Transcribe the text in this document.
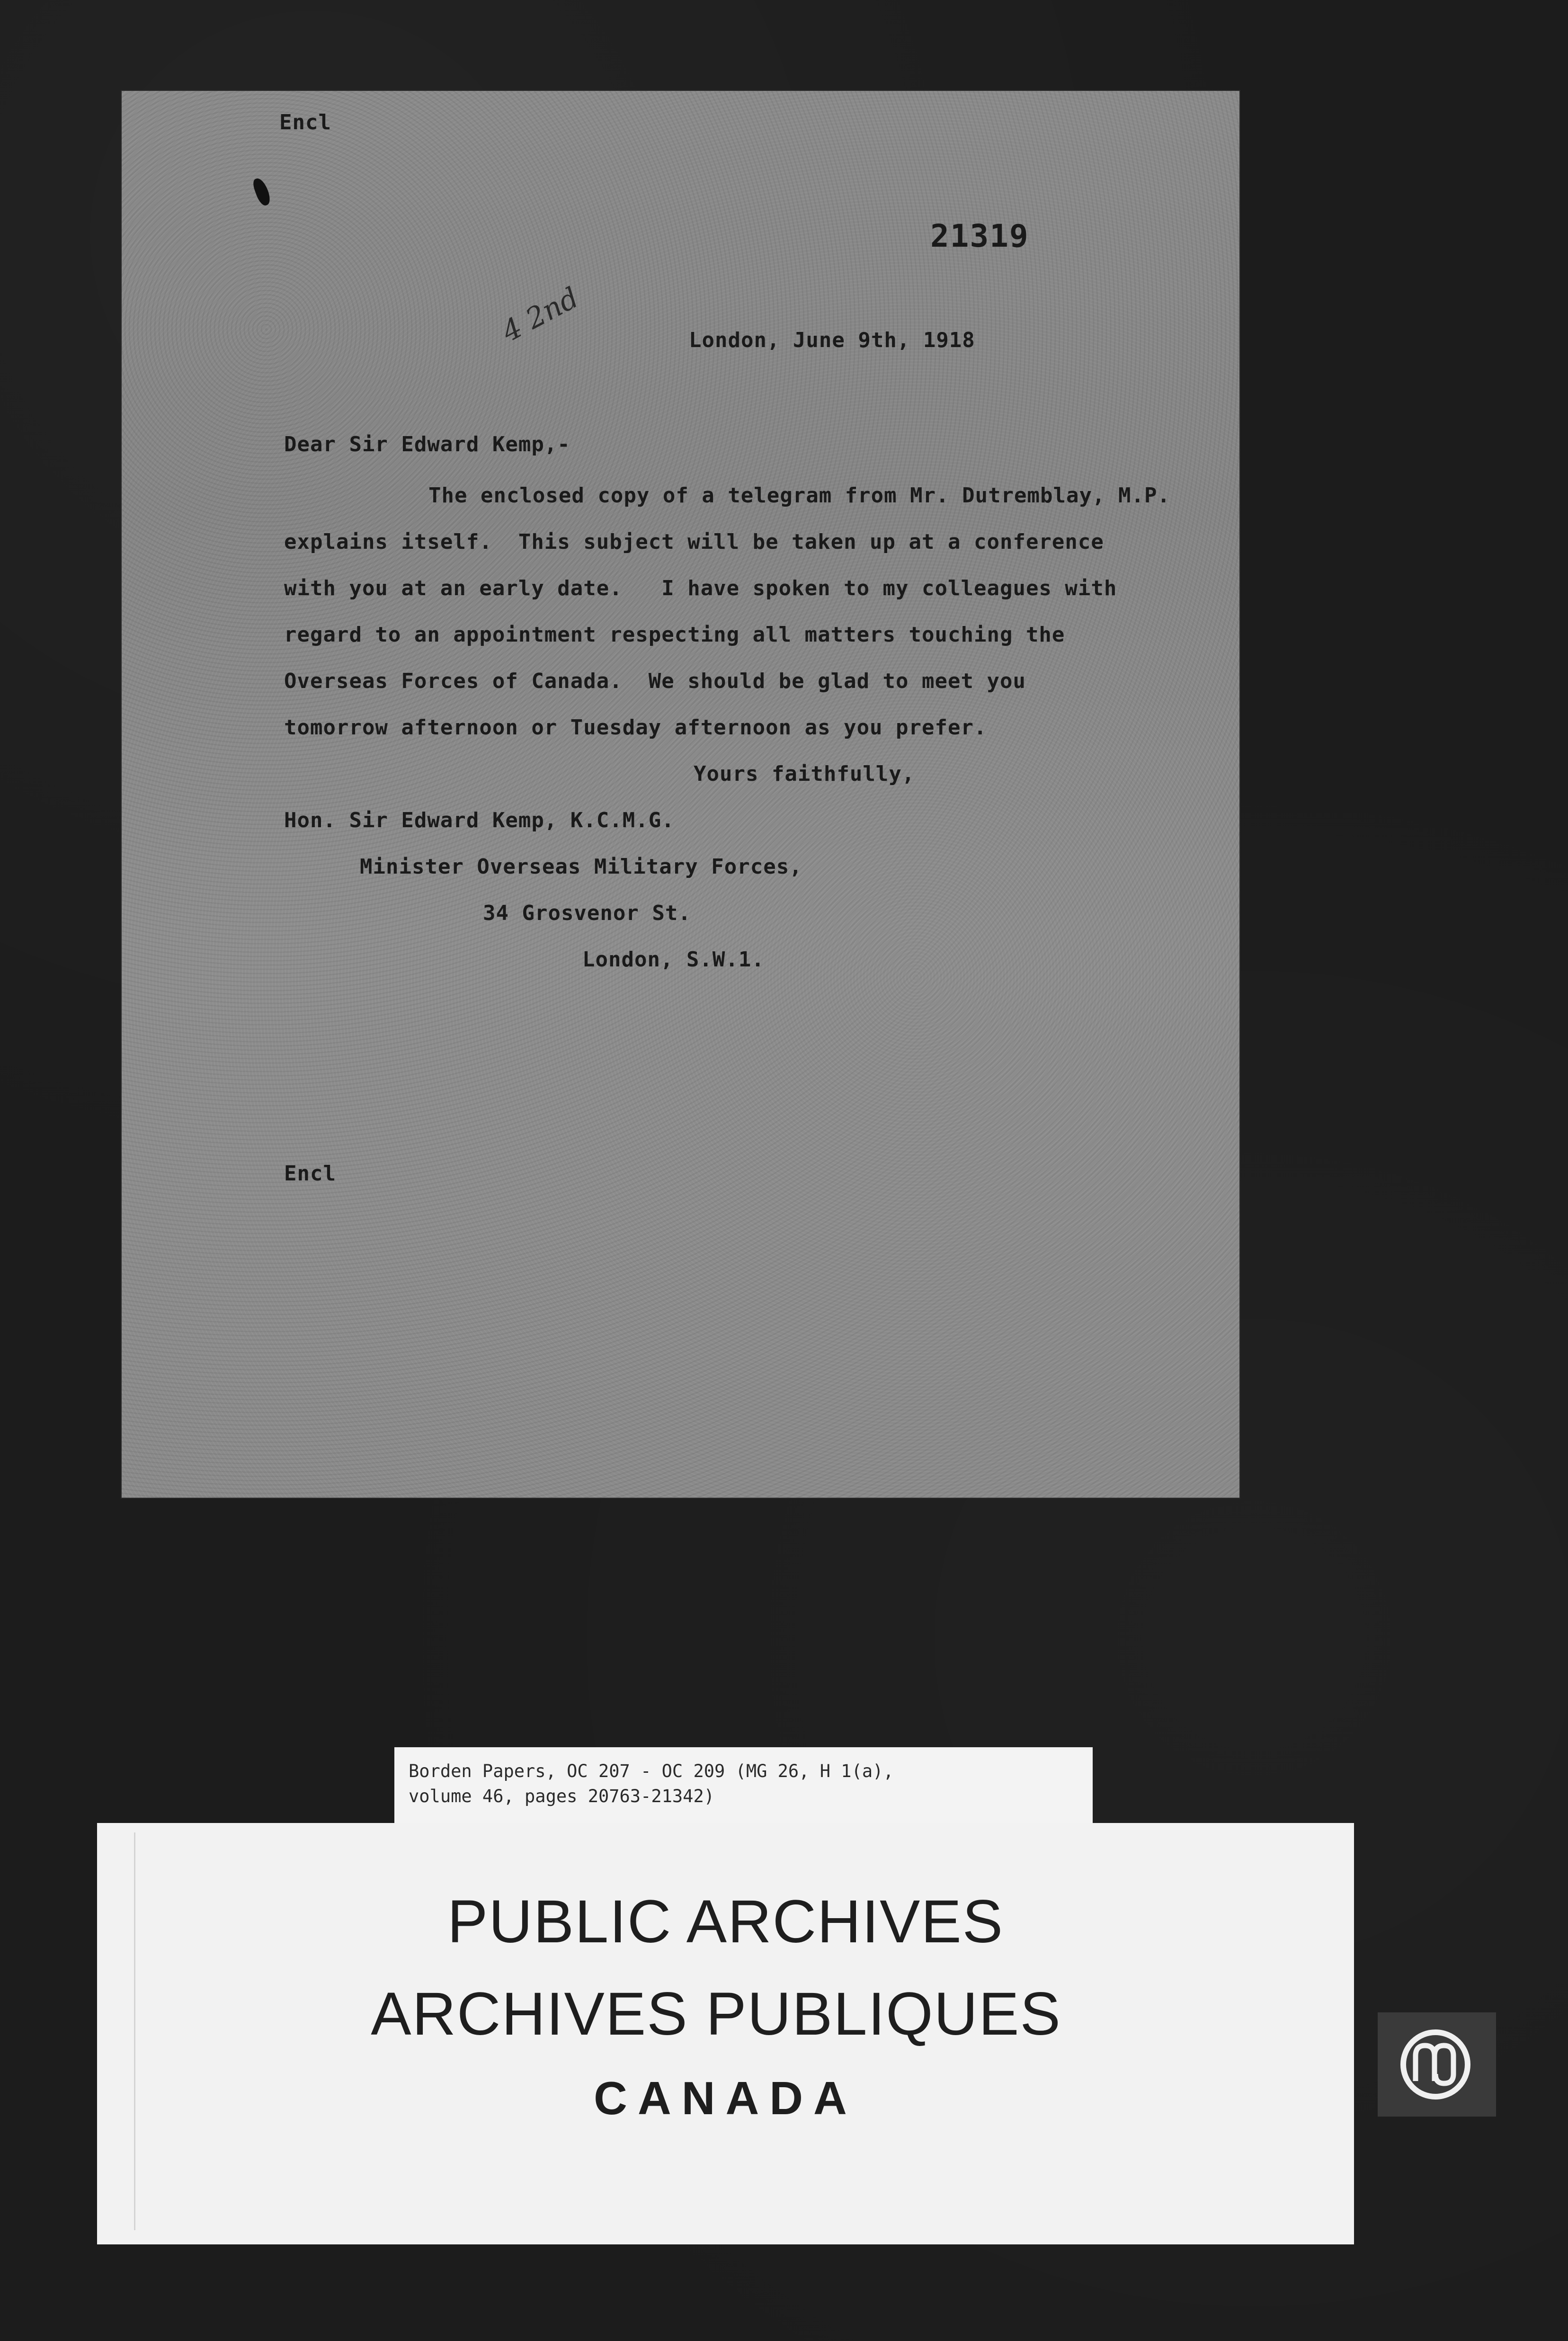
Encl
21319
4 2nd	London, June 9th, 1918
Dear Sir Edward Kemp,-
The enclosed copy of a telegram from Mr. Dutremblay, M.P.
explains itself.  This subject will be taken up at a conference
with you at an early date.   I have spoken to my colleagues with
regard to an appointment respecting all matters touching the
Overseas Forces of Canada.  We should be glad to meet you
tomorrow afternoon or Tuesday afternoon as you prefer.
Yours faithfully,
Hon. Sir Edward Kemp, K.C.M.G.
Minister Overseas Military Forces,
34 Grosvenor St.
London, S.W.1.
Encl
Borden Papers, OC 207 - OC 209 (MG 26, H 1(a),
volume 46, pages 20763-21342)
PUBLIC ARCHIVES
ARCHIVES PUBLIQUES
CANADA
